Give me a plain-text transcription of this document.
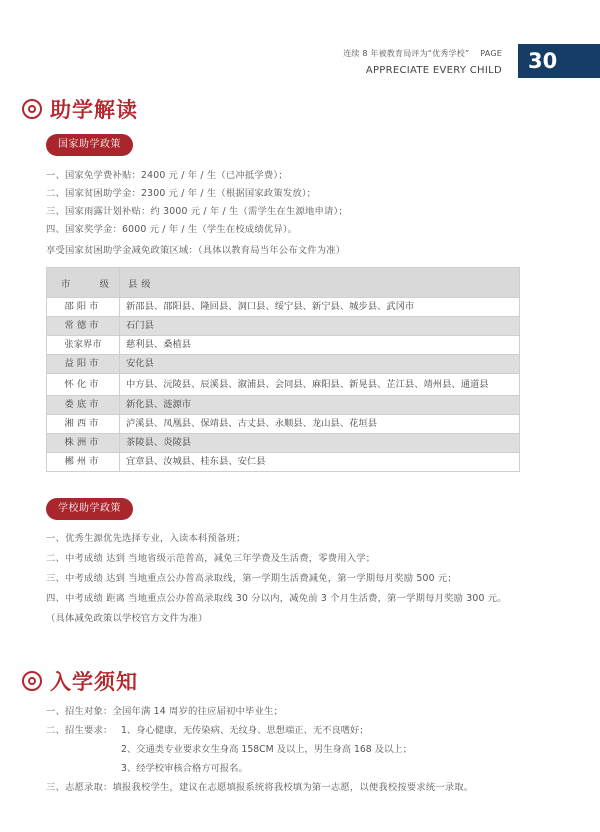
连续 8 年被教育局评为“优秀学校” PAGE
APPRECIATE EVERY CHILD	30
助学解读
国家助学政策
一、国家免学费补贴：2400 元 / 年 / 生（已冲抵学费）；
二、国家贫困助学金：2300 元 / 年 / 生（根据国家政策发放）；
三、国家雨露计划补贴：约 3000 元 / 年 / 生（需学生在生源地申请）；
四、国家奖学金：6000 元 / 年 / 生（学生在校成绩优异）。
享受国家贫困助学金减免政策区域：（具体以教育局当年公布文件为准）
市　级	县级
邵阳市	新邵县、邵阳县、隆回县、洞口县、绥宁县、新宁县、城步县、武冈市
常德市	石门县
张家界市	慈利县、桑植县
益阳市	安化县
怀化市	中方县、沅陵县、辰溪县、溆浦县、会同县、麻阳县、新晃县、芷江县、靖州县、通道县
娄底市	新化县、涟源市
湘西市	泸溪县、凤凰县、保靖县、古丈县、永顺县、龙山县、花垣县
株洲市	茶陵县、炎陵县
郴州市	宜章县、汝城县、桂东县、安仁县
学校助学政策
一、优秀生源优先选择专业，入读本科预备班；
二、中考成绩 达到 当地省级示范普高，减免三年学费及生活费，零费用入学；
三、中考成绩 达到 当地重点公办普高录取线，第一学期生活费减免，第一学期每月奖励 500 元；
四、中考成绩 距离 当地重点公办普高录取线 30 分以内，减免前 3 个月生活费，第一学期每月奖励 300 元。
（具体减免政策以学校官方文件为准）
入学须知
一、招生对象：全国年满 14 周岁的往应届初中毕业生；
二、招生要求： 1、身心健康、无传染病、无纹身、思想端正、无不良嗜好；
2、交通类专业要求女生身高 158CM 及以上，男生身高 168 及以上；
3、经学校审核合格方可报名。
三、志愿录取：填报我校学生，建议在志愿填报系统将我校填为第一志愿，以便我校按要求统一录取。
